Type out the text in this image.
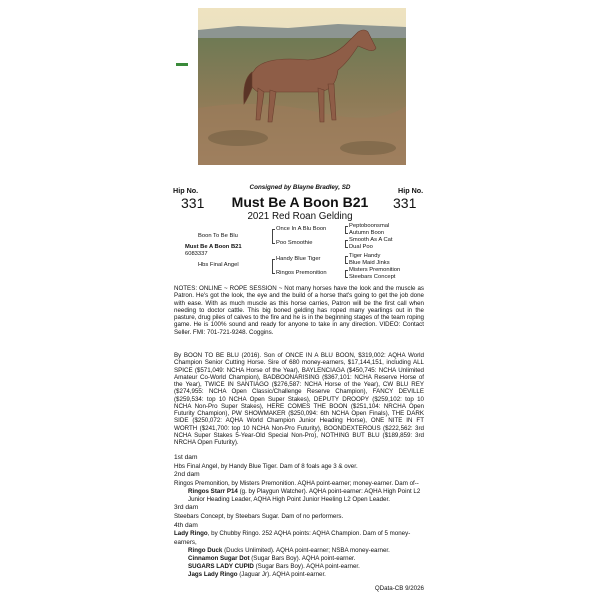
Consigned by Blayne Bradley, SD
Hip No.
331
Hip No.
331
Must Be A Boon B21
2021 Red Roan Gelding
Boon To Be Blu
Must Be A Boon B21
6083337
Hbs Final Angel
Once In A Blu Boon
Poo Smoothie
Handy Blue Tiger
Ringos Premonition
Peptoboonsmal
Autumn Boon
Smooth As A Cat
Dual Poo
Tiger Handy
Blue Maid Jinks
Misters Premonition
Steebars Concept
NOTES: ONLINE ~ ROPE SESSION ~ Not many horses have the look and the muscle as Patron. He's got the look, the eye and the build of a horse that's going to get the job done with ease. With as much muscle as this horse carries, Patron will be the first call when needing to doctor cattle. This big boned gelding has roped many yearlings out in the pasture, drug piles of calves to the fire and he is in the beginning stages of the team roping game. He is 100% sound and ready for anyone to take in any direction. VIDEO: Contact Seller. FMI: 701-721-9248. Coggins.
By BOON TO BE BLU (2016). Son of ONCE IN A BLU BOON, $319,002: AQHA World Champion Senior Cutting Horse. Sire of 680 money-earners, $17,144,151, including ALL SPICE ($571,049: NCHA Horse of the Year), BAYLENCIAGA ($450,745: NCHA Unlimited Amateur Co-World Champion), BADBOONARISING ($367,101: NCHA Reserve Horse of the Year), TWICE IN SANTIAGO ($276,587: NCHA Horse of the Year), CW BLU REY ($274,955: NCHA Open Classic/Challenge Reserve Champion), FANCY DEVILLE ($259,534: top 10 NCHA Open Super Stakes), DEPUTY DROOPY ($259,102: top 10 NCHA Non-Pro Super Stakes), HERE COMES THE BOON ($251,104: NRCHA Open Futurity Champion), PW SHOWMAKER ($250,094: 6th NCHA Open Finals), THE DARK SIDE ($250,072: AQHA World Champion Junior Heading Horse), ONE NITE IN FT WORTH ($241,700: top 10 NCHA Non-Pro Futurity), BOONDEXTEROUS ($222,562: 3rd NCHA Super Stakes 5-Year-Old Special Non-Pro), NOTHING BUT BLU ($189,859: 3rd NRCHA Open Futurity).
1st dam
Hbs Final Angel, by Handy Blue Tiger. Dam of 8 foals age 3 & over.
2nd dam
Ringos Premonition, by Misters Premonition. AQHA point-earner; money-earner. Dam of--
Ringos Starr P14 (g. by Playgun Watcher). AQHA point-earner: AQHA High Point L2 Junior Heading Leader, AQHA High Point Junior Heeling L2 Open Leader.
3rd dam
Steebars Concept, by Steebars Sugar. Dam of no performers.
4th dam
Lady Ringo, by Chubby Ringo. 252 AQHA points: AQHA Champion. Dam of 5 money-earners,
Ringo Duck (Ducks Unlimited). AQHA point-earner; NSBA money-earner.
Cinnamon Sugar Dot (Sugar Bars Boy). AQHA point-earner.
SUGARS LADY CUPID (Sugar Bars Boy). AQHA point-earner.
Jags Lady Ringo (Jaguar Jr). AQHA point-earner.
QData-CB 9/2026
